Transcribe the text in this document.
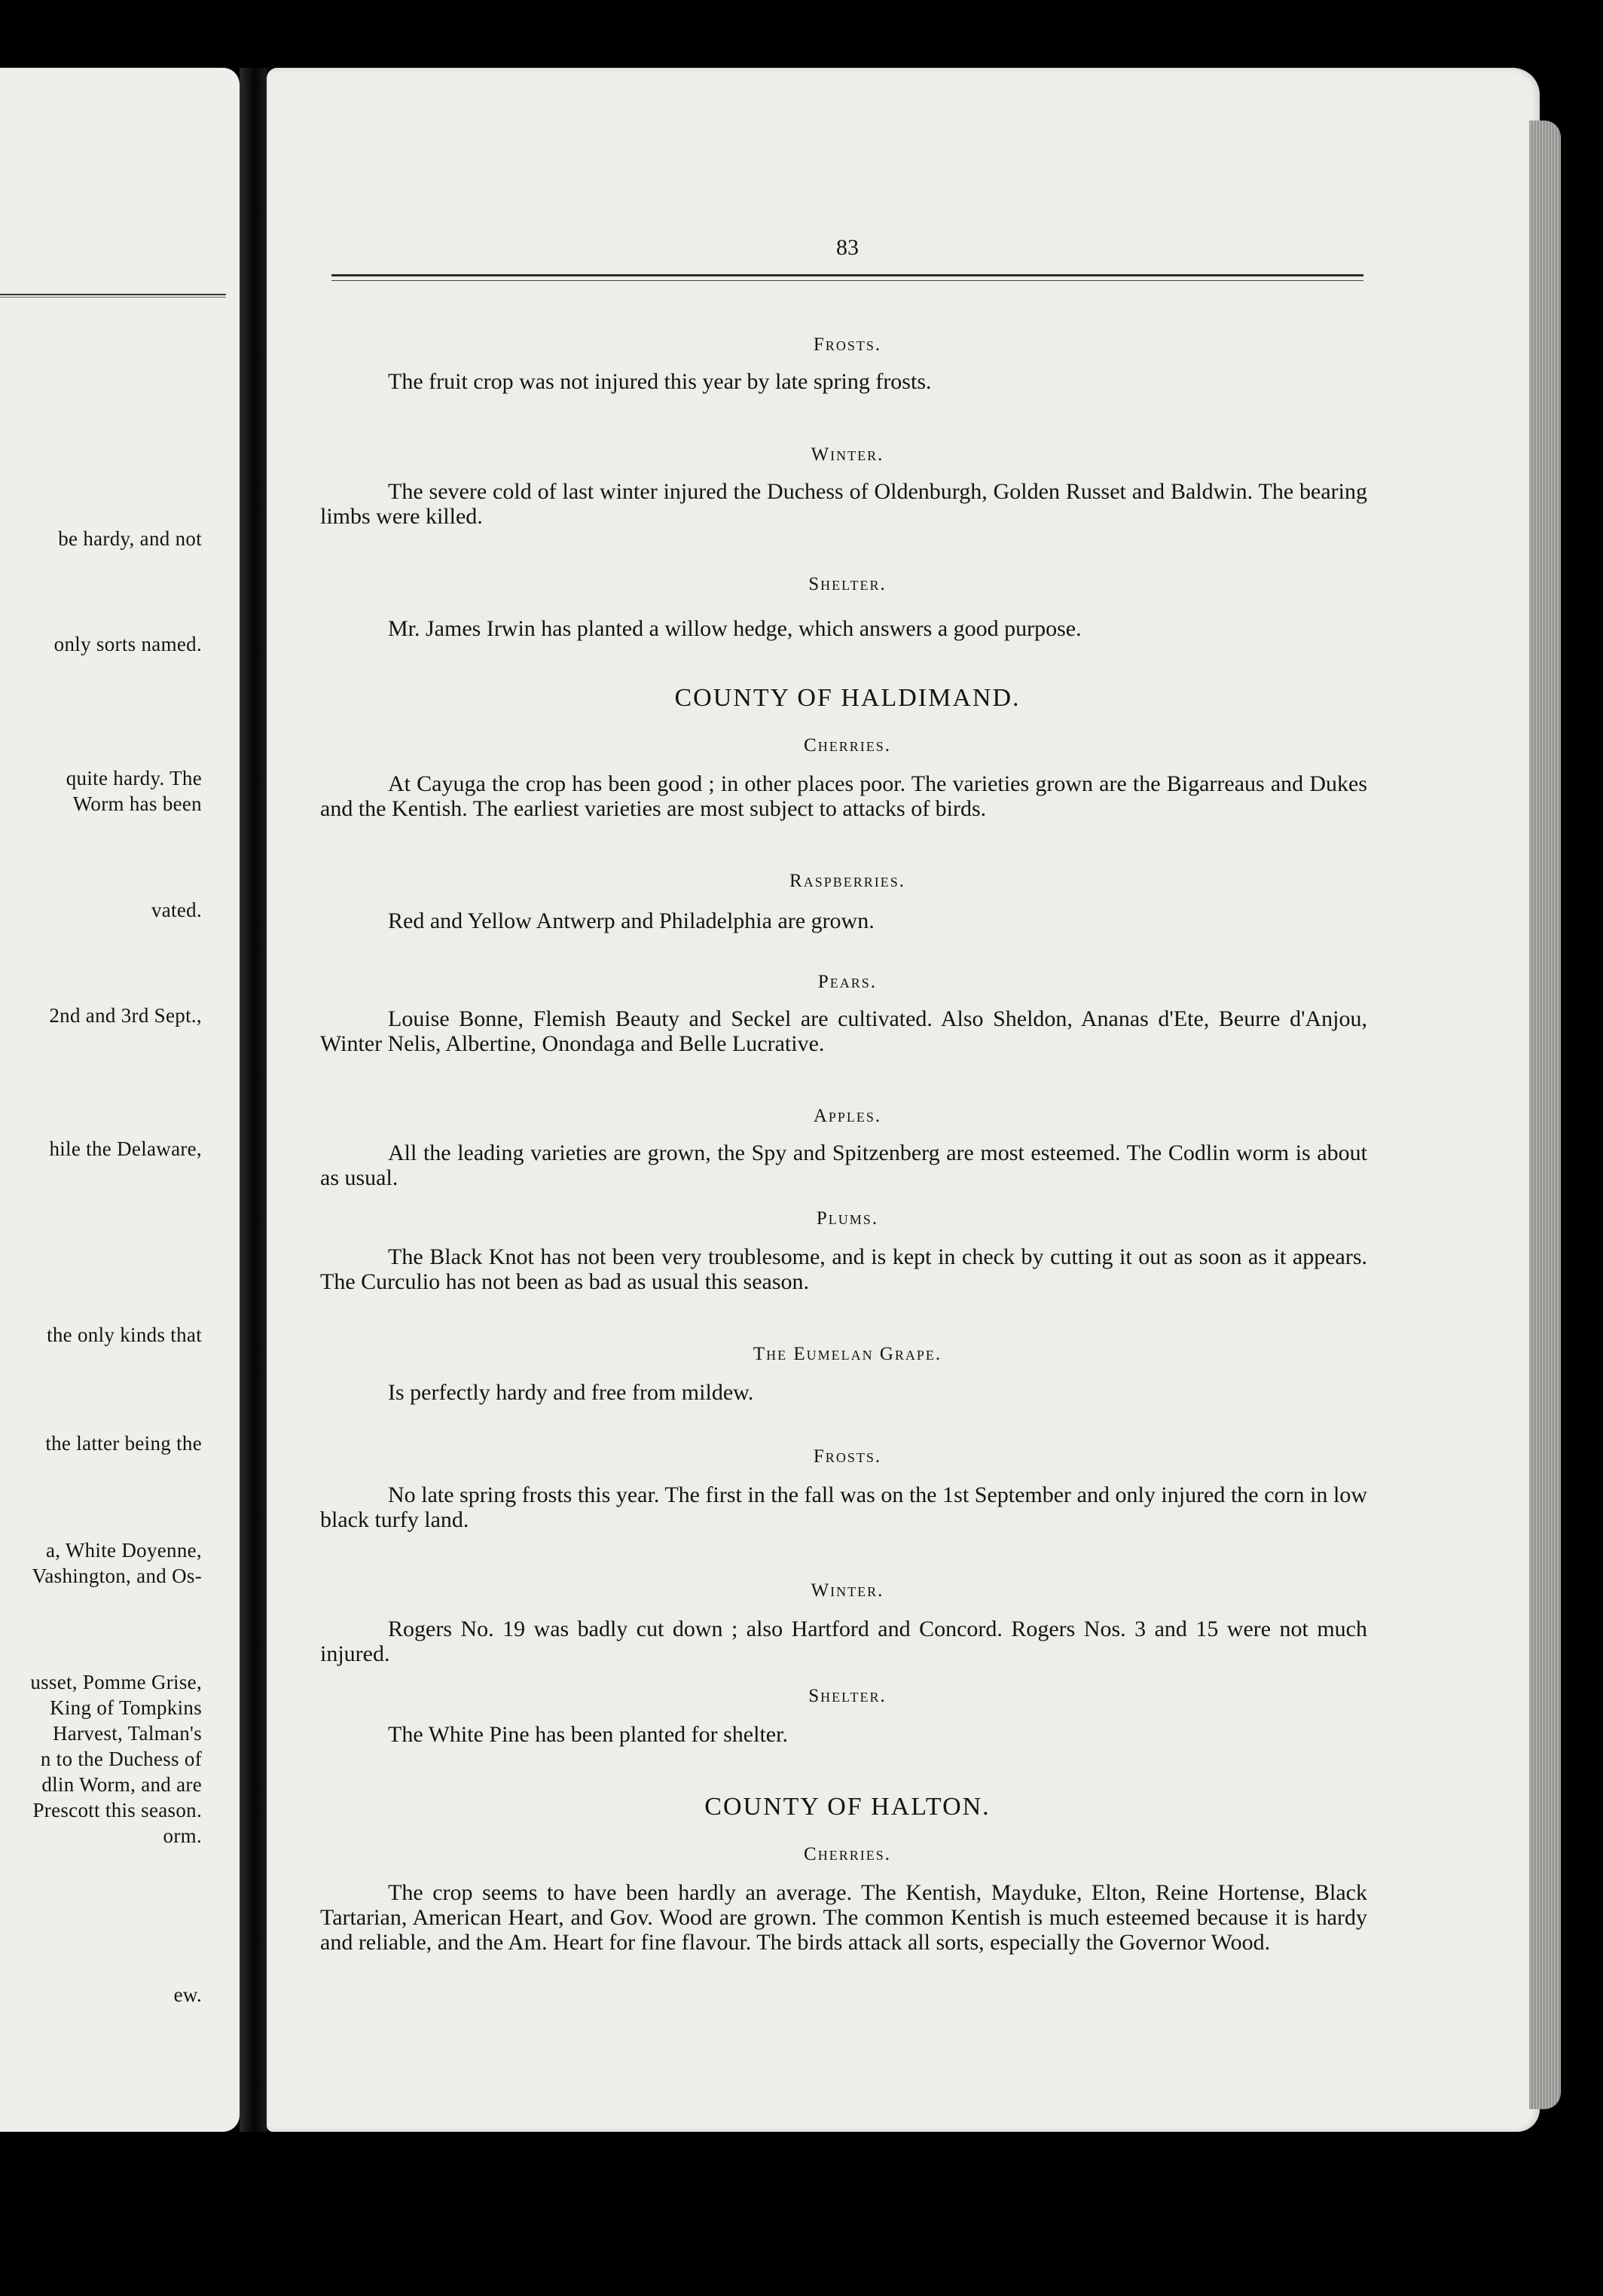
be hardy, and not
only sorts named.
quite hardy. The
Worm has been
vated.
2nd and 3rd Sept.,
hile the Delaware,
the only kinds that
the latter being the
a, White Doyenne,
Vashington, and Os-
usset, Pomme Grise,
King of Tompkins
Harvest, Talman's
n to the Duchess of
dlin Worm, and are
Prescott this season.
orm.
ew.
83
Frosts.
The fruit crop was not injured this year by late spring frosts.
Winter.
The severe cold of last winter injured the Duchess of Oldenburgh, Golden Russet and Baldwin. The bearing limbs were killed.
Shelter.
Mr. James Irwin has planted a willow hedge, which answers a good purpose.
COUNTY OF HALDIMAND.
Cherries.
At Cayuga the crop has been good ; in other places poor. The varieties grown are the Bigarreaus and Dukes and the Kentish. The earliest varieties are most subject to attacks of birds.
Raspberries.
Red and Yellow Antwerp and Philadelphia are grown.
Pears.
Louise Bonne, Flemish Beauty and Seckel are cultivated. Also Sheldon, Ananas d'Ete, Beurre d'Anjou, Winter Nelis, Albertine, Onondaga and Belle Lucrative.
Apples.
All the leading varieties are grown, the Spy and Spitzenberg are most esteemed. The Codlin worm is about as usual.
Plums.
The Black Knot has not been very troublesome, and is kept in check by cutting it out as soon as it appears. The Curculio has not been as bad as usual this season.
The Eumelan Grape.
Is perfectly hardy and free from mildew.
Frosts.
No late spring frosts this year. The first in the fall was on the 1st September and only injured the corn in low black turfy land.
Winter.
Rogers No. 19 was badly cut down ; also Hartford and Concord. Rogers Nos. 3 and 15 were not much injured.
Shelter.
The White Pine has been planted for shelter.
COUNTY OF HALTON.
Cherries.
The crop seems to have been hardly an average. The Kentish, Mayduke, Elton, Reine Hortense, Black Tartarian, American Heart, and Gov. Wood are grown. The common Kentish is much esteemed because it is hardy and reliable, and the Am. Heart for fine flavour. The birds attack all sorts, especially the Governor Wood.
